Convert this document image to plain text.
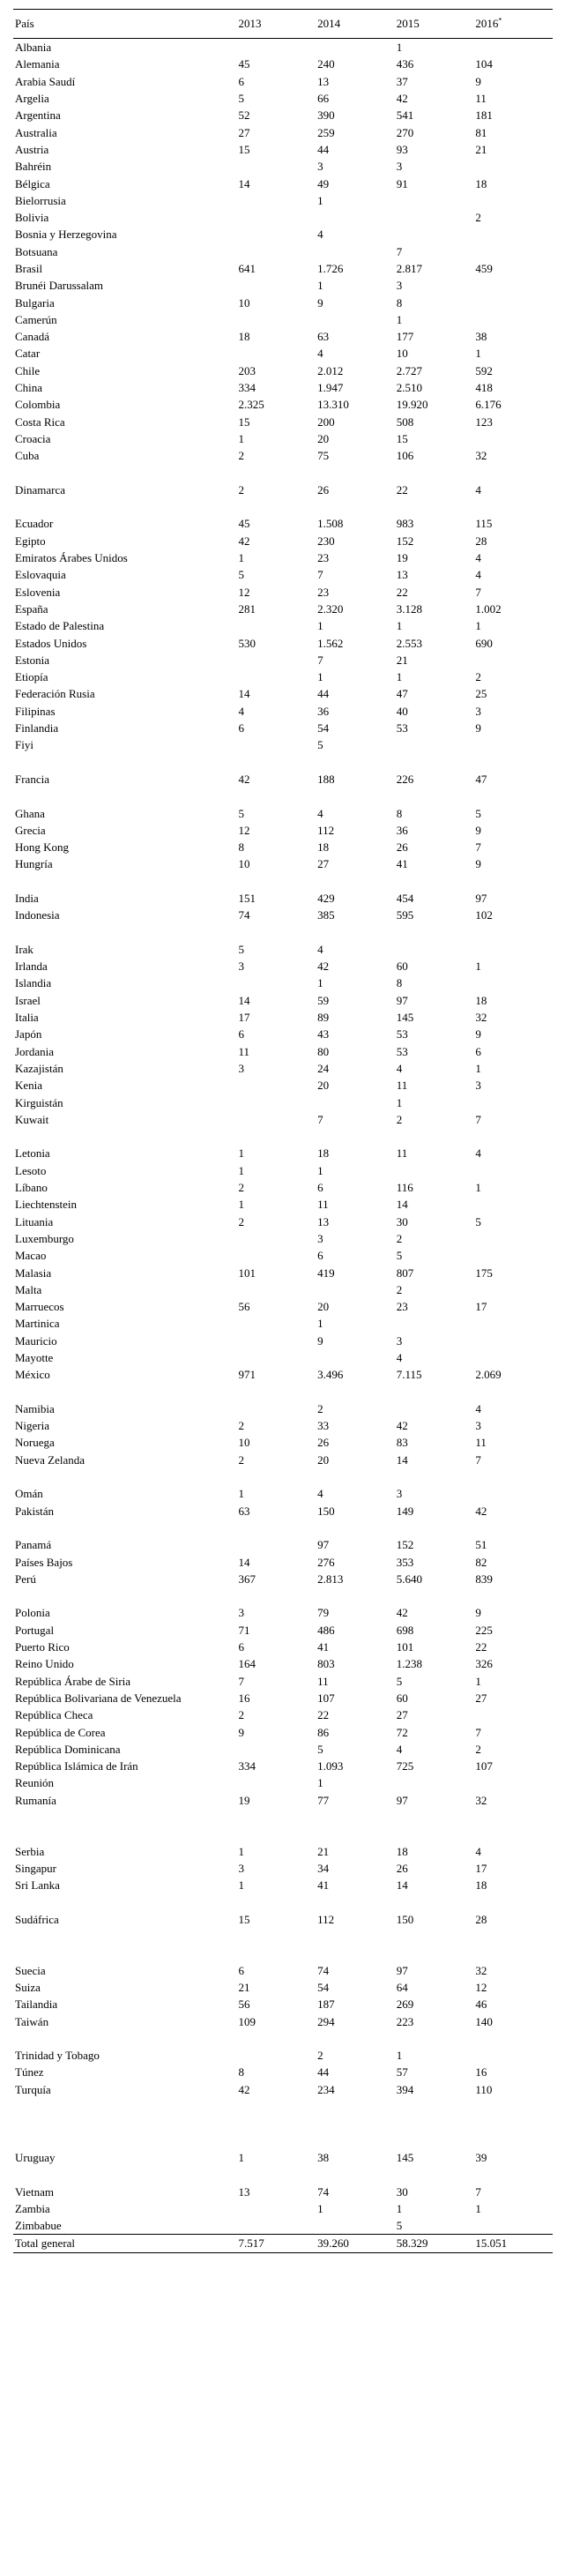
País	2013	2014	2015	2016*
Albania			1	
Alemania	45	240	436	104
Arabia Saudí	6	13	37	9
Argelia	5	66	42	11
Argentina	52	390	541	181
Australia	27	259	270	81
Austria	15	44	93	21
Bahréin		3	3	
Bélgica	14	49	91	18
Bielorrusia		1		
Bolivia				2
Bosnia y Herzegovina		4		
Botsuana			7	
Brasil	641	1.726	2.817	459
Brunéi Darussalam		1	3	
Bulgaria	10	9	8	
Camerún			1	
Canadá	18	63	177	38
Catar		4	10	1
Chile	203	2.012	2.727	592
China	334	1.947	2.510	418
Colombia	2.325	13.310	19.920	6.176
Costa Rica	15	200	508	123
Croacia	1	20	15	
Cuba	2	75	106	32

Dinamarca	2	26	22	4

Ecuador	45	1.508	983	115
Egipto	42	230	152	28
Emiratos Árabes Unidos	1	23	19	4
Eslovaquia	5	7	13	4
Eslovenia	12	23	22	7
España	281	2.320	3.128	1.002
Estado de Palestina		1	1	1
Estados Unidos	530	1.562	2.553	690
Estonia		7	21	
Etiopía		1	1	2
Federación Rusia	14	44	47	25
Filipinas	4	36	40	3
Finlandia	6	54	53	9
Fiyi		5		

Francia	42	188	226	47

Ghana	5	4	8	5
Grecia	12	112	36	9
Hong Kong	8	18	26	7
Hungría	10	27	41	9

India	151	429	454	97
Indonesia	74	385	595	102

Irak	5	4		
Irlanda	3	42	60	1
Islandia		1	8	
Israel	14	59	97	18
Italia	17	89	145	32
Japón	6	43	53	9
Jordania	11	80	53	6
Kazajistán	3	24	4	1
Kenia		20	11	3
Kirguistán			1	
Kuwait		7	2	7

Letonia	1	18	11	4
Lesoto	1	1		
Líbano	2	6	116	1
Liechtenstein	1	11	14	
Lituania	2	13	30	5
Luxemburgo		3	2	
Macao		6	5	
Malasia	101	419	807	175
Malta			2	
Marruecos	56	20	23	17
Martinica		1		
Mauricio		9	3	
Mayotte			4	
México	971	3.496	7.115	2.069

Namibia		2		4
Nigeria	2	33	42	3
Noruega	10	26	83	11
Nueva Zelanda	2	20	14	7

Omán	1	4	3	
Pakistán	63	150	149	42

Panamá		97	152	51
Países Bajos	14	276	353	82
Perú	367	2.813	5.640	839

Polonia	3	79	42	9
Portugal	71	486	698	225
Puerto Rico	6	41	101	22
Reino Unido	164	803	1.238	326
República Árabe de Siria	7	11	5	1
República Bolivariana de Venezuela	16	107	60	27
República Checa	2	22	27	
República de Corea	9	86	72	7
República Dominicana		5	4	2
República Islámica de Irán	334	1.093	725	107
Reunión		1		
Rumanía	19	77	97	32

Serbia	1	21	18	4
Singapur	3	34	26	17
Sri Lanka	1	41	14	18

Sudáfrica	15	112	150	28

Suecia	6	74	97	32
Suiza	21	54	64	12
Tailandia	56	187	269	46
Taiwán	109	294	223	140

Trinidad y Tobago		2	1	
Túnez	8	44	57	16
Turquía	42	234	394	110

Uruguay	1	38	145	39

Vietnam	13	74	30	7
Zambia		1	1	1
Zimbabue			5	
Total general	7.517	39.260	58.329	15.051
